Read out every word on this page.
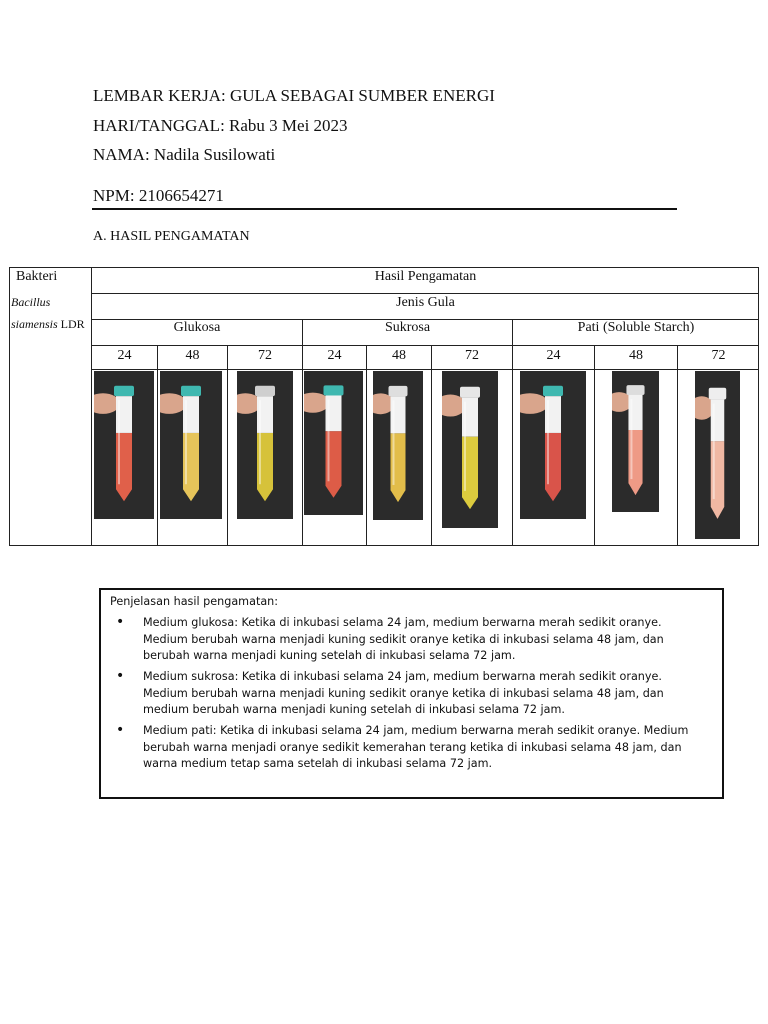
LEMBAR KERJA: GULA SEBAGAI SUMBER ENERGI
HARI/TANGGAL: Rabu 3 Mei 2023
NAMA: Nadila Susilowati
NPM: 2106654271
A. HASIL PENGAMATAN
Bakteri	Hasil Pengamatan
Jenis Gula
Glukosa	Sukrosa	Pati (Soluble Starch)
Bacillus
siamensis LDR
24	48	72	24	48	72	24	48	72
Penjelasan hasil pengamatan:
• Medium glukosa: Ketika di inkubasi selama 24 jam, medium berwarna merah sedikit oranye.
Medium berubah warna menjadi kuning sedikit oranye ketika di inkubasi selama 48 jam, dan
berubah warna menjadi kuning setelah di inkubasi selama 72 jam.
• Medium sukrosa: Ketika di inkubasi selama 24 jam, medium berwarna merah sedikit oranye.
Medium berubah warna menjadi kuning sedikit oranye ketika di inkubasi selama 48 jam, dan
medium berubah warna menjadi kuning setelah di inkubasi selama 72 jam.
• Medium pati: Ketika di inkubasi selama 24 jam, medium berwarna merah sedikit oranye. Medium
berubah warna menjadi oranye sedikit kemerahan terang ketika di inkubasi selama 48 jam, dan
warna medium tetap sama setelah di inkubasi selama 72 jam.
